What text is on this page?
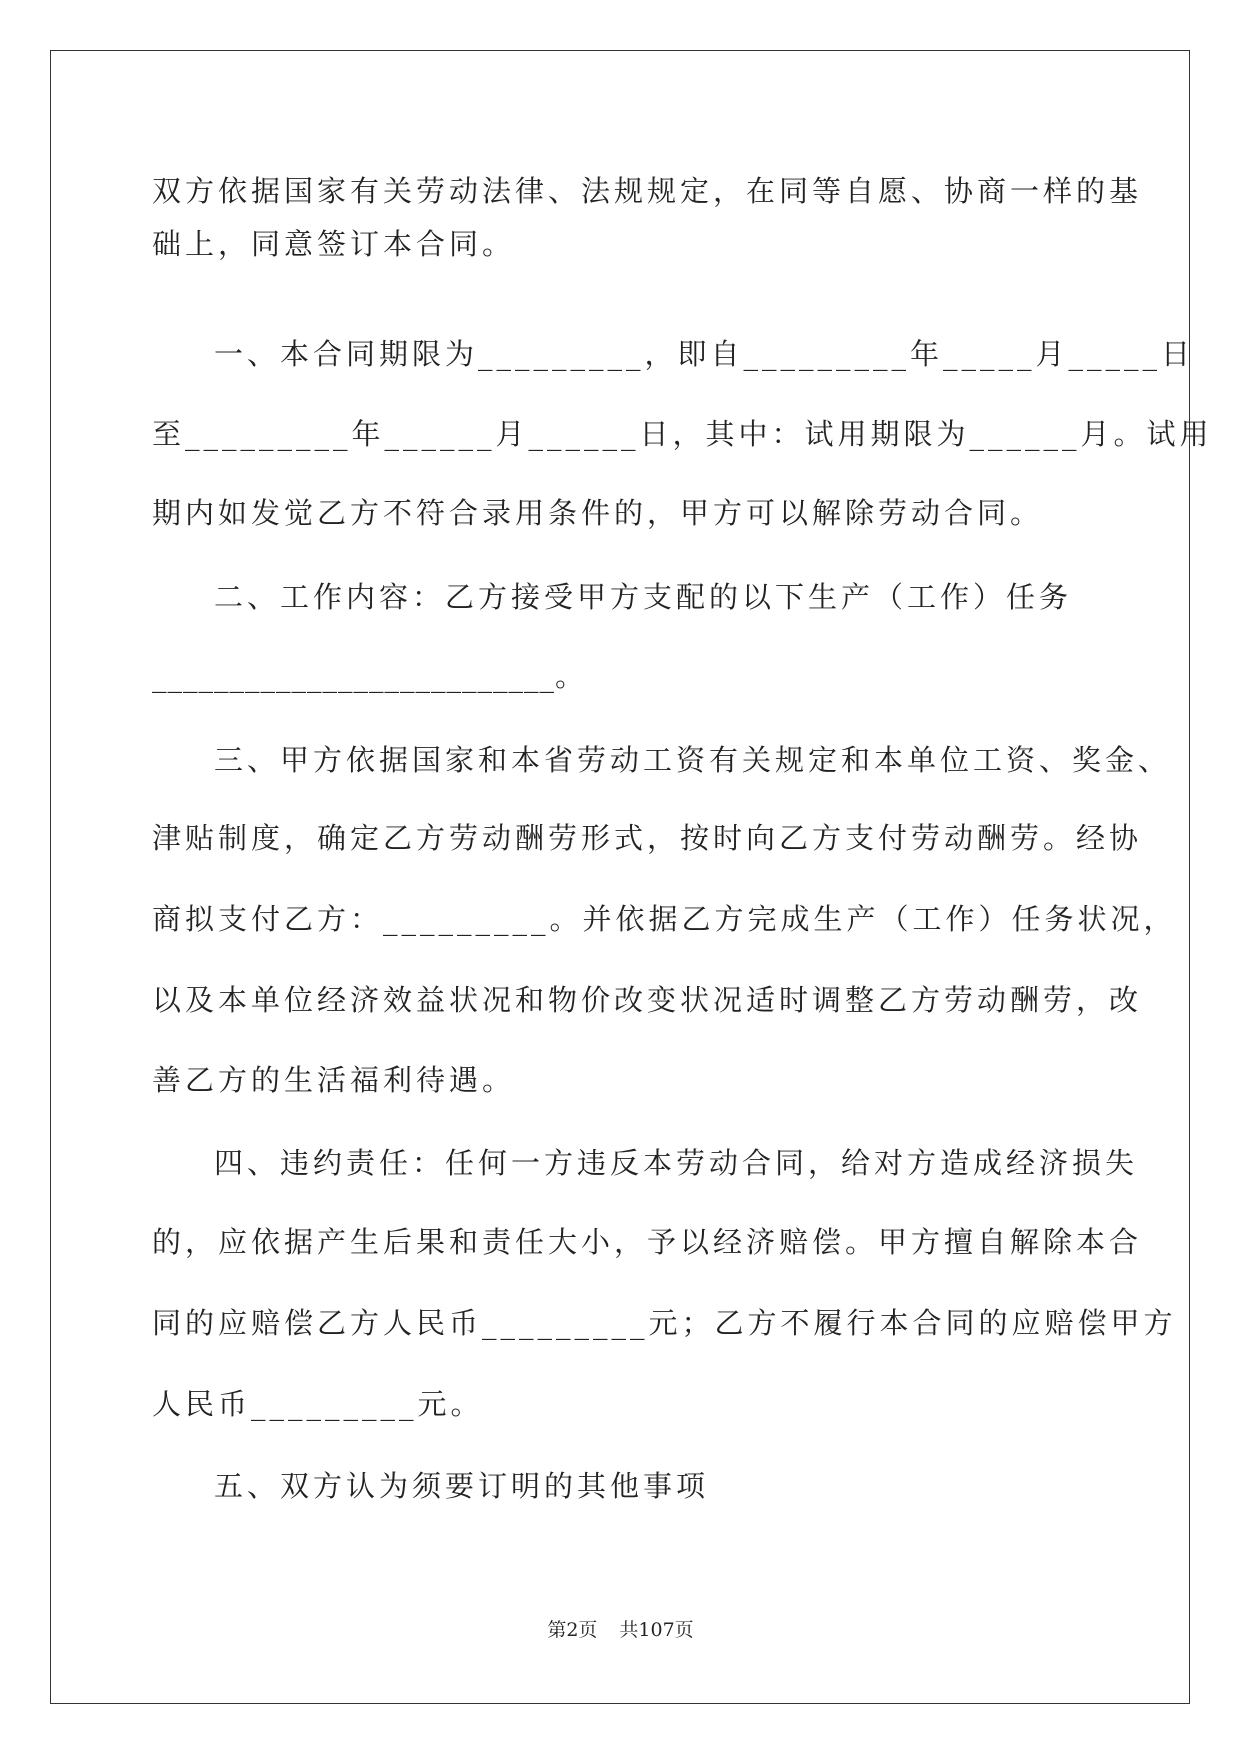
双方依据国家有关劳动法律、法规规定，在同等自愿、协商一样的基
础上，同意签订本合同。
一、本合同期限为_________，即自_________年_____月_____日
至_________年______月______日，其中：试用期限为______月。试用
期内如发觉乙方不符合录用条件的，甲方可以解除劳动合同。
二、工作内容：乙方接受甲方支配的以下生产（工作）任务
__________________________。
三、甲方依据国家和本省劳动工资有关规定和本单位工资、奖金、
津贴制度，确定乙方劳动酬劳形式，按时向乙方支付劳动酬劳。经协
商拟支付乙方：_________。并依据乙方完成生产（工作）任务状况，
以及本单位经济效益状况和物价改变状况适时调整乙方劳动酬劳，改
善乙方的生活福利待遇。
四、违约责任：任何一方违反本劳动合同，给对方造成经济损失
的，应依据产生后果和责任大小，予以经济赔偿。甲方擅自解除本合
同的应赔偿乙方人民币_________元；乙方不履行本合同的应赔偿甲方
人民币_________元。
五、双方认为须要订明的其他事项
第2页 共107页
